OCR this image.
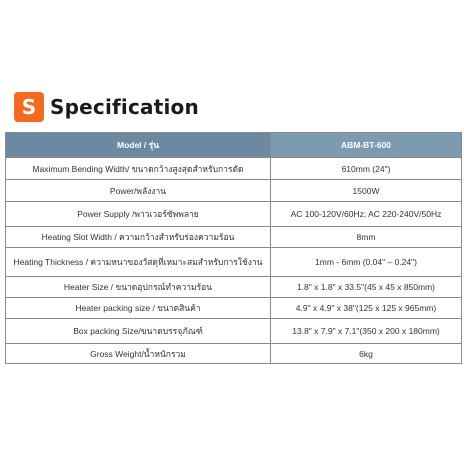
S Specification
Model / รุ่น	ABM-BT-600
Maximum Bending Width/ ขนาดกว้างสูงสุดสำหรับการดัด	610mm (24")
Power/พลังงาน	1500W
Power Supply /พาวเวอร์ซัพพลาย	AC 100-120V/60Hz; AC 220-240V/50Hz
Heating Slot Width / ความกว้างสำหรับร่องความร้อน	8mm
Heating Thickness / ความหนาของวัสดุที่เหมาะสมสำหรับการใช้งาน	1mm - 6mm (0.04" – 0.24")
Heater Size / ขนาดอุปกรณ์ทำความร้อน	1.8" x 1.8" x 33.5"(45 x 45 x 850mm)
Heater packing size / ขนาดสินค้า	4.9" x 4.9" x 38"(125 x 125 x 965mm)
Box packing Size/ขนาดบรรจุภัณฑ์	13.8" x 7.9" x 7.1"(350 x 200 x 180mm)
Gross Weight/น้ำหนักรวม	6kg
